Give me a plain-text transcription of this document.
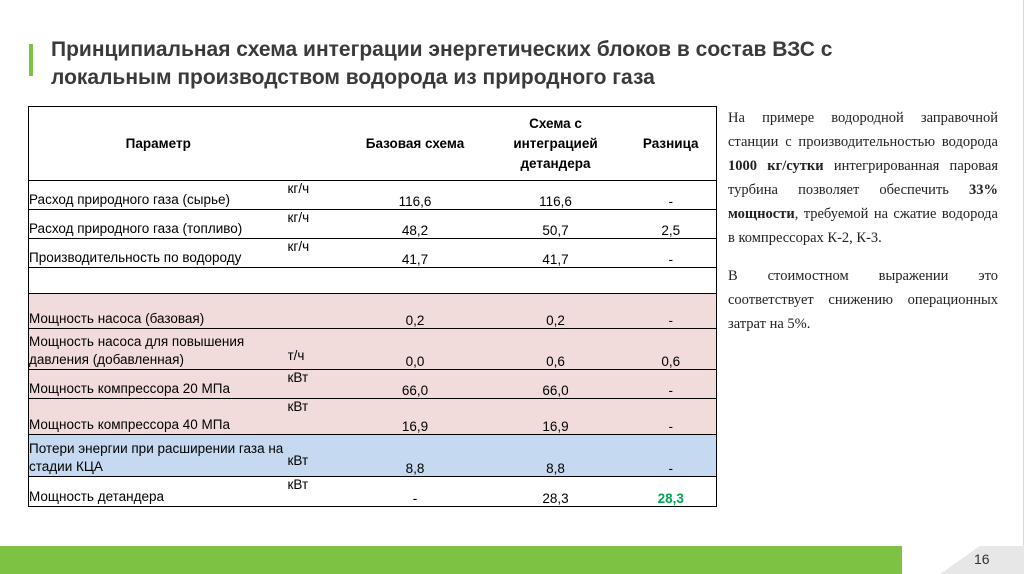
Принципиальная схема интеграции энергетических блоков в состав ВЗС с
локальным производством водорода из природного газа
Параметр		Базовая схема	Схема с интеграцией детандера	Разница
Расход природного газа (сырье)	кг/ч	116,6	116,6	-
Расход природного газа (топливо)	кг/ч	48,2	50,7	2,5
Производительность по водороду	кг/ч	41,7	41,7	-

Мощность насоса (базовая)		0,2	0,2	-
Мощность насоса для повышения давления (добавленная)	т/ч	0,0	0,6	0,6
Мощность компрессора 20 МПа	кВт	66,0	66,0	-
Мощность компрессора 40 МПа	кВт	16,9	16,9	-
Потери энергии при расширении газа на стадии КЦА	кВт	8,8	8,8	-
Мощность детандера	кВт	-	28,3	28,3

На примере водородной заправочной станции с производительностью водорода 1000 кг/сутки интегрированная паровая турбина позволяет обеспечить 33% мощности, требуемой на сжатие водорода в компрессорах К-2, К-3.

В стоимостном выражении это соответствует снижению операционных затрат на 5%.

16
